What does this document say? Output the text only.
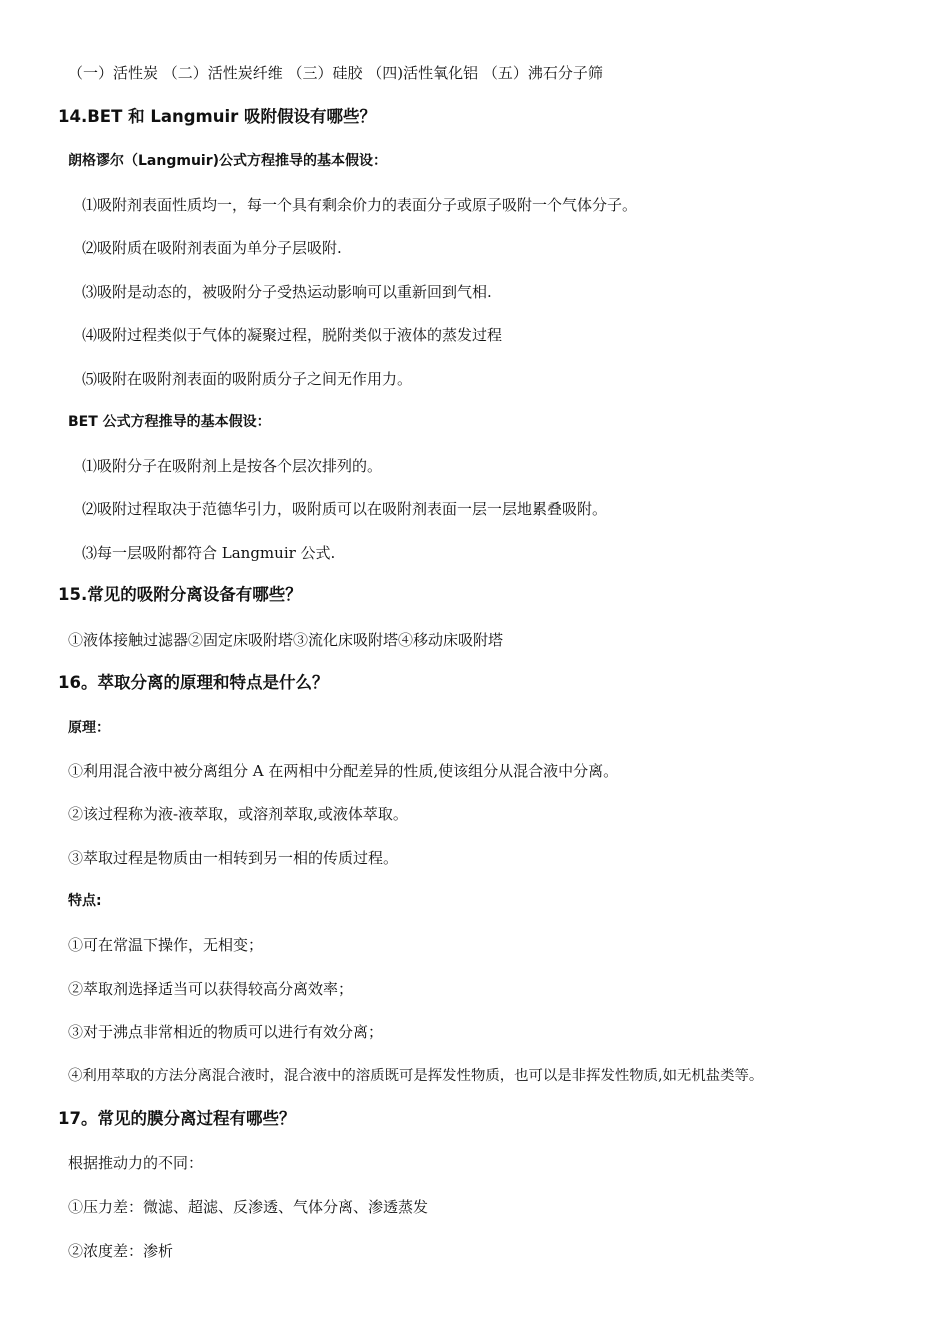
（一）活性炭 （二）活性炭纤维 （三）硅胶 （四)活性氧化铝 （五）沸石分子筛
14.BET 和 Langmuir 吸附假设有哪些？
朗格谬尔（Langmuir)公式方程推导的基本假设：
⑴吸附剂表面性质均一，每一个具有剩余价力的表面分子或原子吸附一个气体分子。
⑵吸附质在吸附剂表面为单分子层吸附.
⑶吸附是动态的，被吸附分子受热运动影响可以重新回到气相.
⑷吸附过程类似于气体的凝聚过程，脱附类似于液体的蒸发过程
⑸吸附在吸附剂表面的吸附质分子之间无作用力。
BET 公式方程推导的基本假设：
⑴吸附分子在吸附剂上是按各个层次排列的。
⑵吸附过程取决于范德华引力，吸附质可以在吸附剂表面一层一层地累叠吸附。
⑶每一层吸附都符合 Langmuir 公式.
15.常见的吸附分离设备有哪些？
①液体接触过滤器②固定床吸附塔③流化床吸附塔④移动床吸附塔
16。萃取分离的原理和特点是什么？
原理：
①利用混合液中被分离组分 A 在两相中分配差异的性质,使该组分从混合液中分离。
②该过程称为液-液萃取，或溶剂萃取,或液体萃取。
③萃取过程是物质由一相转到另一相的传质过程。
特点:
①可在常温下操作，无相变；
②萃取剂选择适当可以获得较高分离效率；
③对于沸点非常相近的物质可以进行有效分离；
④利用萃取的方法分离混合液时，混合液中的溶质既可是挥发性物质，也可以是非挥发性物质,如无机盐类等。
17。常见的膜分离过程有哪些？
根据推动力的不同：
①压力差：微滤、超滤、反渗透、气体分离、渗透蒸发
②浓度差：渗析
